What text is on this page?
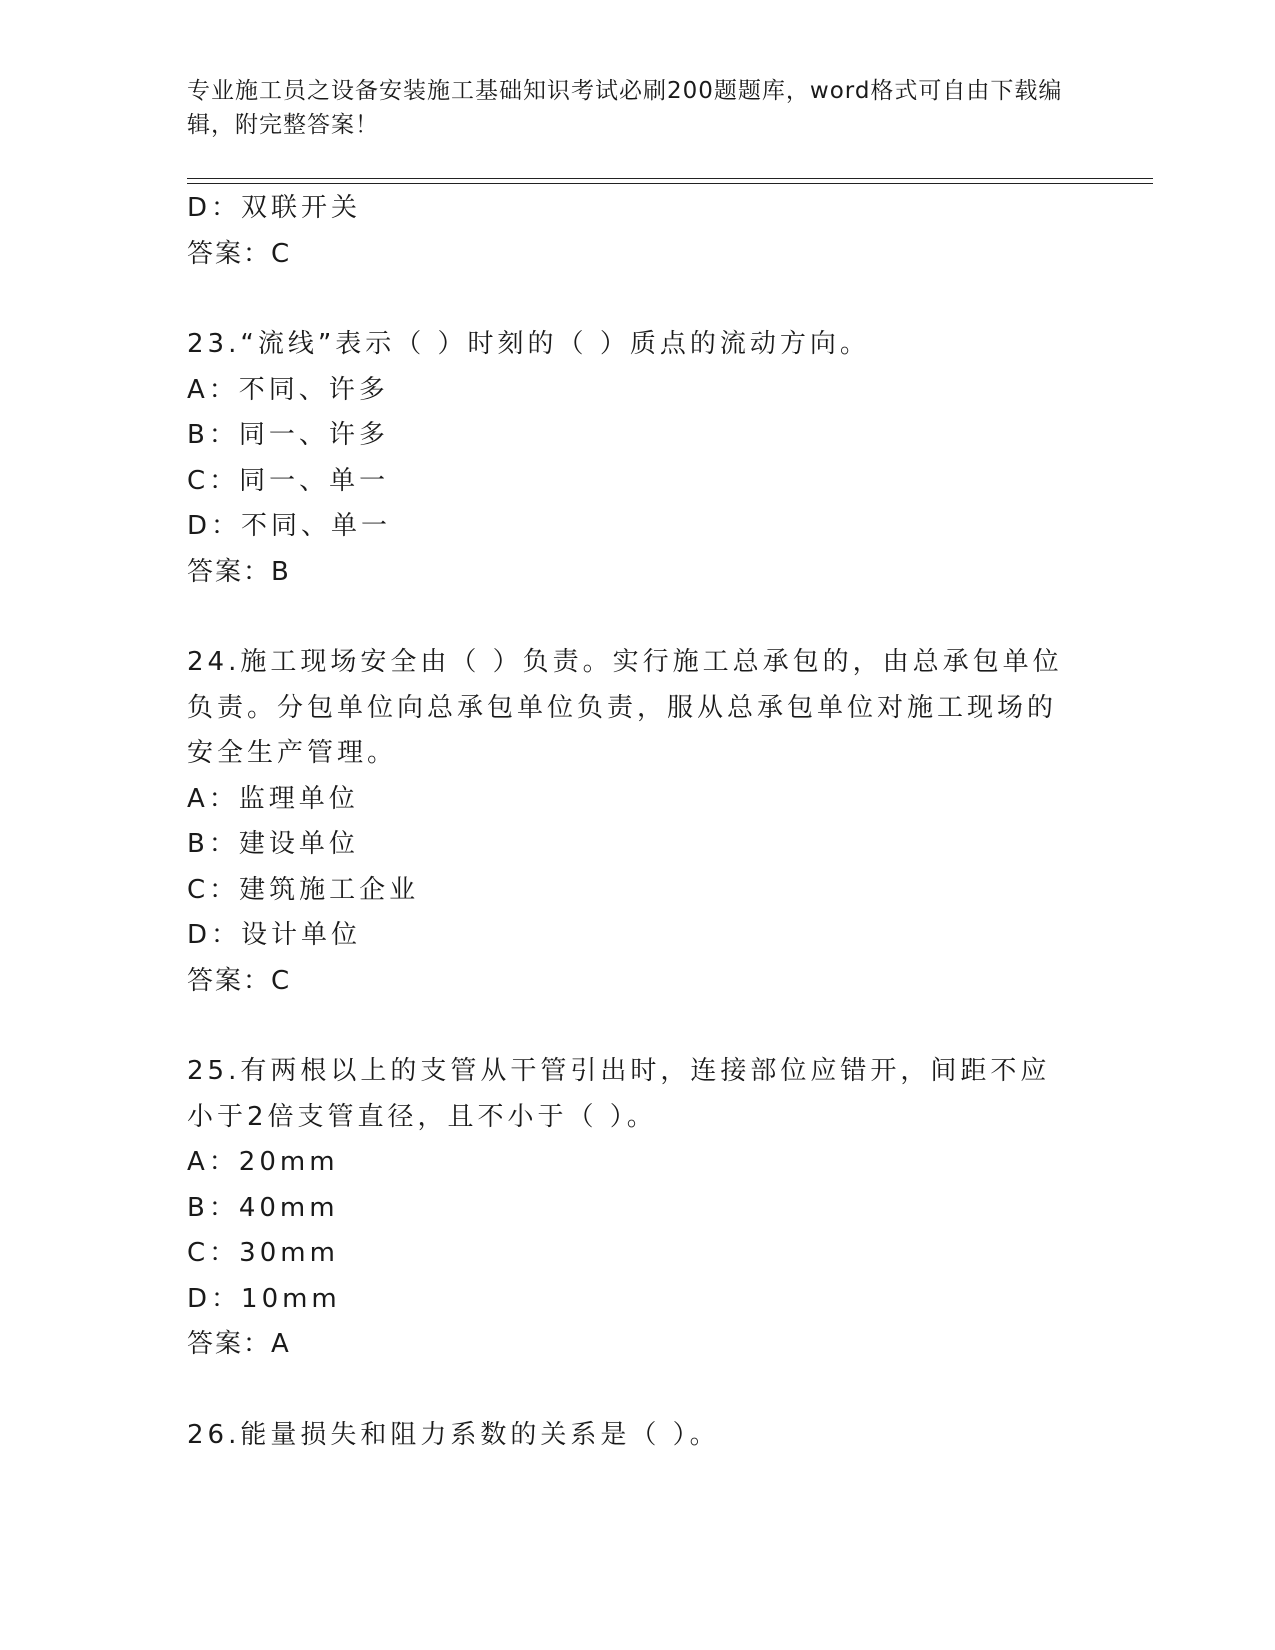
专业施工员之设备安装施工基础知识考试必刷200题题库，word格式可自由下载编辑，附完整答案！
D：双联开关
答案：C
23.“流线”表示（ ）时刻的（ ）质点的流动方向。
A：不同、许多
B：同一、许多
C：同一、单一
D：不同、单一
答案：B
24.施工现场安全由（ ）负责。实行施工总承包的，由总承包单位负责。分包单位向总承包单位负责，服从总承包单位对施工现场的安全生产管理。
A：监理单位
B：建设单位
C：建筑施工企业
D：设计单位
答案：C
25.有两根以上的支管从干管引出时，连接部位应错开，间距不应小于2倍支管直径，且不小于（ ）。
A：20mm
B：40mm
C：30mm
D：10mm
答案：A
26.能量损失和阻力系数的关系是（ ）。
